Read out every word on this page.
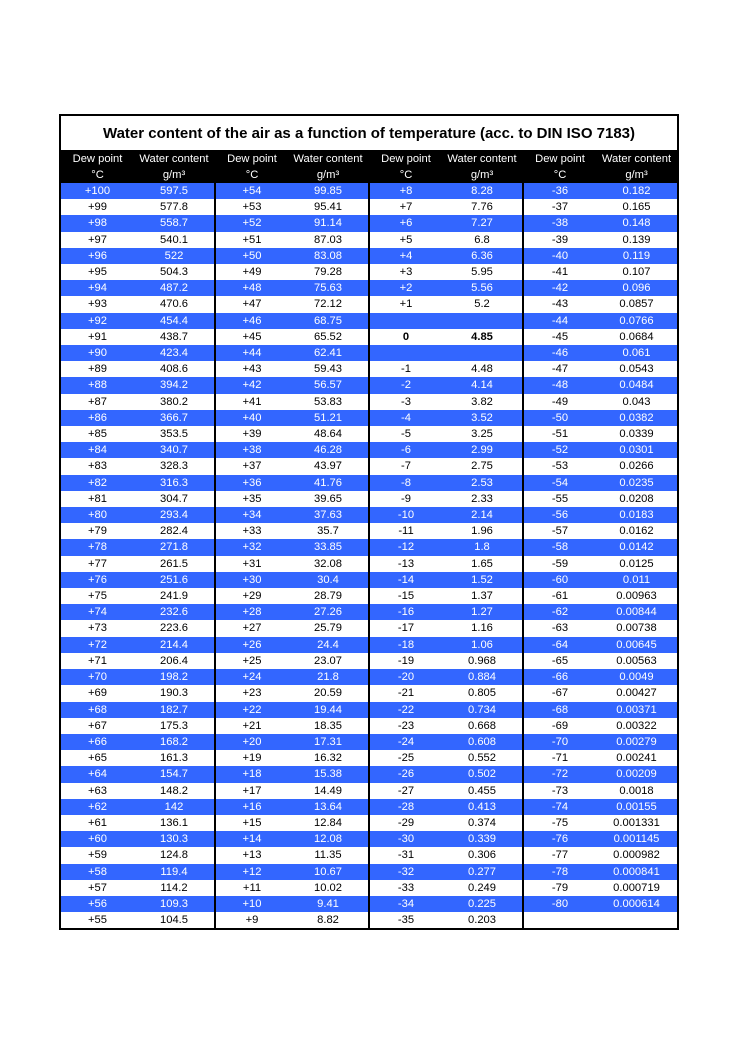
Water content of the air as a function of temperature (acc. to DIN ISO 7183)
Dew point	Water content	Dew point	Water content	Dew point	Water content	Dew point	Water content
°C	g/m³	°C	g/m³	°C	g/m³	°C	g/m³
+100	597.5	+54	99.85	+8	8.28	-36	0.182
+99	577.8	+53	95.41	+7	7.76	-37	0.165
+98	558.7	+52	91.14	+6	7.27	-38	0.148
+97	540.1	+51	87.03	+5	6.8	-39	0.139
+96	522	+50	83.08	+4	6.36	-40	0.119
+95	504.3	+49	79.28	+3	5.95	-41	0.107
+94	487.2	+48	75.63	+2	5.56	-42	0.096
+93	470.6	+47	72.12	+1	5.2	-43	0.0857
+92	454.4	+46	68.75			-44	0.0766
+91	438.7	+45	65.52	0	4.85	-45	0.0684
+90	423.4	+44	62.41			-46	0.061
+89	408.6	+43	59.43	-1	4.48	-47	0.0543
+88	394.2	+42	56.57	-2	4.14	-48	0.0484
+87	380.2	+41	53.83	-3	3.82	-49	0.043
+86	366.7	+40	51.21	-4	3.52	-50	0.0382
+85	353.5	+39	48.64	-5	3.25	-51	0.0339
+84	340.7	+38	46.28	-6	2.99	-52	0.0301
+83	328.3	+37	43.97	-7	2.75	-53	0.0266
+82	316.3	+36	41.76	-8	2.53	-54	0.0235
+81	304.7	+35	39.65	-9	2.33	-55	0.0208
+80	293.4	+34	37.63	-10	2.14	-56	0.0183
+79	282.4	+33	35.7	-11	1.96	-57	0.0162
+78	271.8	+32	33.85	-12	1.8	-58	0.0142
+77	261.5	+31	32.08	-13	1.65	-59	0.0125
+76	251.6	+30	30.4	-14	1.52	-60	0.011
+75	241.9	+29	28.79	-15	1.37	-61	0.00963
+74	232.6	+28	27.26	-16	1.27	-62	0.00844
+73	223.6	+27	25.79	-17	1.16	-63	0.00738
+72	214.4	+26	24.4	-18	1.06	-64	0.00645
+71	206.4	+25	23.07	-19	0.968	-65	0.00563
+70	198.2	+24	21.8	-20	0.884	-66	0.0049
+69	190.3	+23	20.59	-21	0.805	-67	0.00427
+68	182.7	+22	19.44	-22	0.734	-68	0.00371
+67	175.3	+21	18.35	-23	0.668	-69	0.00322
+66	168.2	+20	17.31	-24	0.608	-70	0.00279
+65	161.3	+19	16.32	-25	0.552	-71	0.00241
+64	154.7	+18	15.38	-26	0.502	-72	0.00209
+63	148.2	+17	14.49	-27	0.455	-73	0.0018
+62	142	+16	13.64	-28	0.413	-74	0.00155
+61	136.1	+15	12.84	-29	0.374	-75	0.001331
+60	130.3	+14	12.08	-30	0.339	-76	0.001145
+59	124.8	+13	11.35	-31	0.306	-77	0.000982
+58	119.4	+12	10.67	-32	0.277	-78	0.000841
+57	114.2	+11	10.02	-33	0.249	-79	0.000719
+56	109.3	+10	9.41	-34	0.225	-80	0.000614
+55	104.5	+9	8.82	-35	0.203		
